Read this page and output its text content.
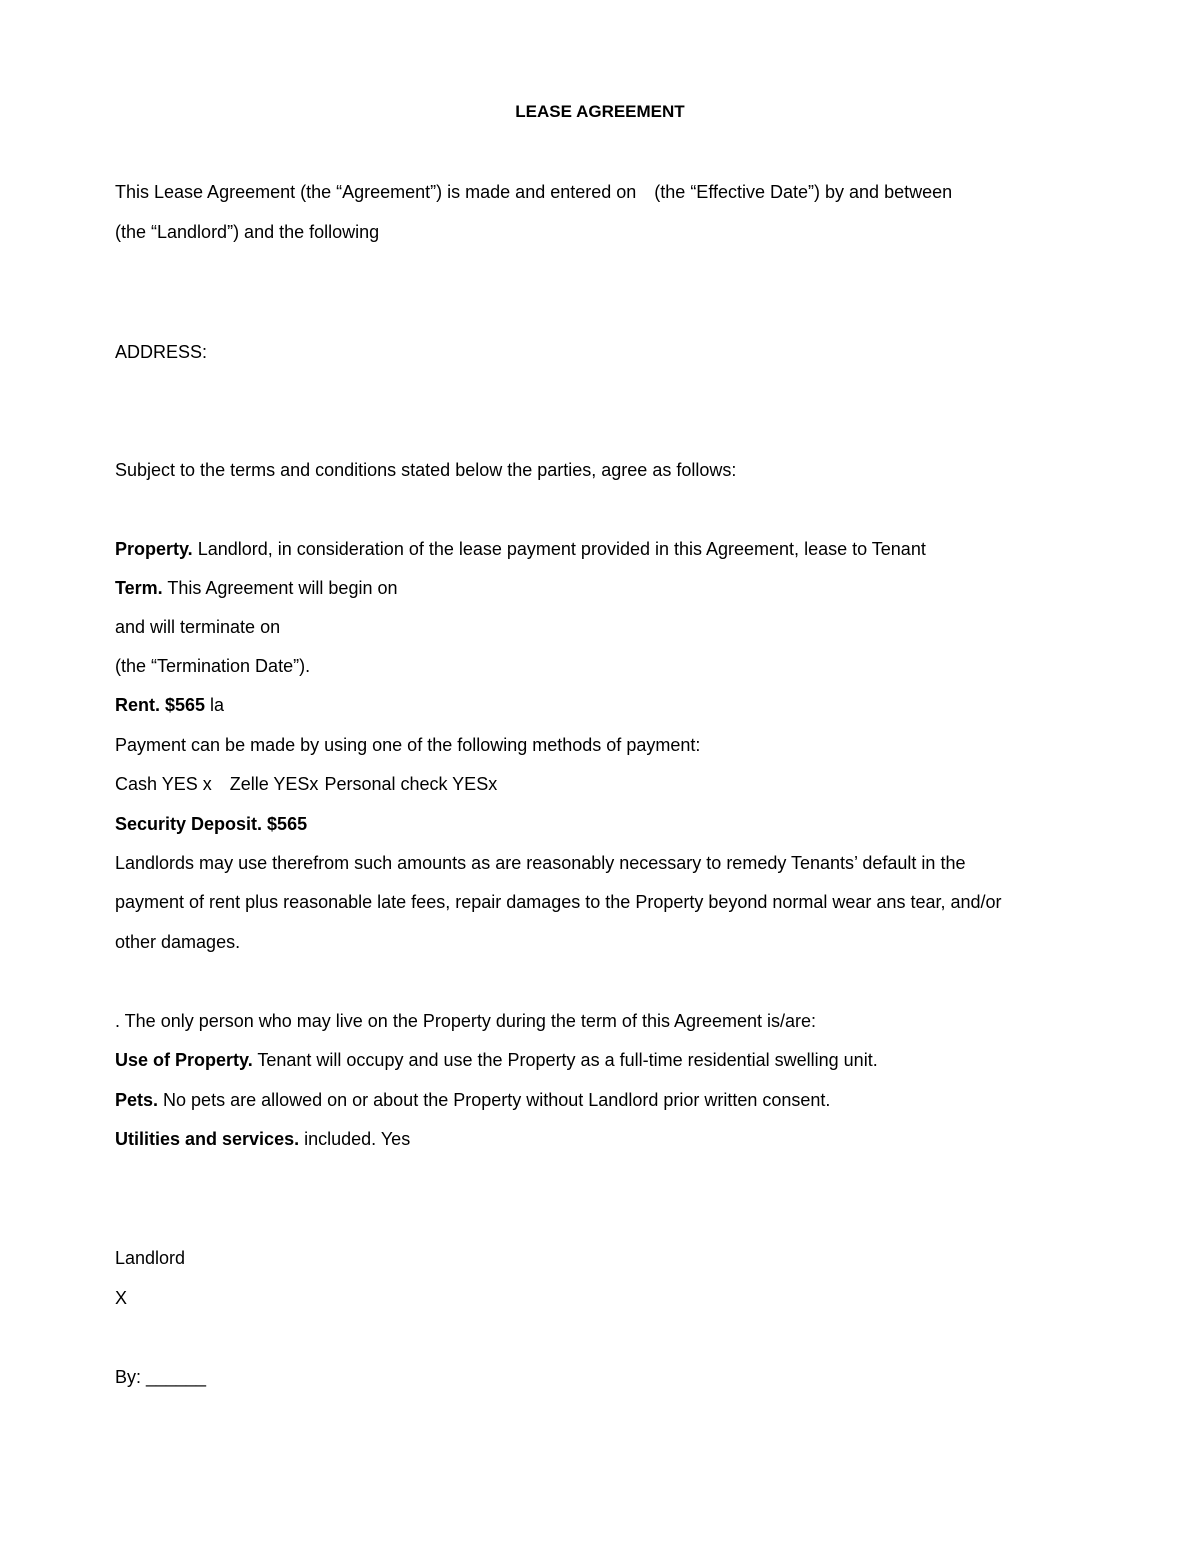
LEASE AGREEMENT
This Lease Agreement (the “Agreement”) is made and entered on (the “Effective Date”) by and between
(the “Landlord”) and the following
ADDRESS:
Subject to the terms and conditions stated below the parties, agree as follows:
Property. Landlord, in consideration of the lease payment provided in this Agreement, lease to Tenant
Term. This Agreement will begin on
and will terminate on
(the “Termination Date”).
Rent. $565 la
Payment can be made by using one of the following methods of payment:
Cash YES x Zelle YESx Personal check YESx
Security Deposit. $565
Landlords may use therefrom such amounts as are reasonably necessary to remedy Tenants’ default in the
payment of rent plus reasonable late fees, repair damages to the Property beyond normal wear ans tear, and/or
other damages.
. The only person who may live on the Property during the term of this Agreement is/are:
Use of Property. Tenant will occupy and use the Property as a full-time residential swelling unit.
Pets. No pets are allowed on or about the Property without Landlord prior written consent.
Utilities and services. included. Yes
Landlord
X
By: ______
